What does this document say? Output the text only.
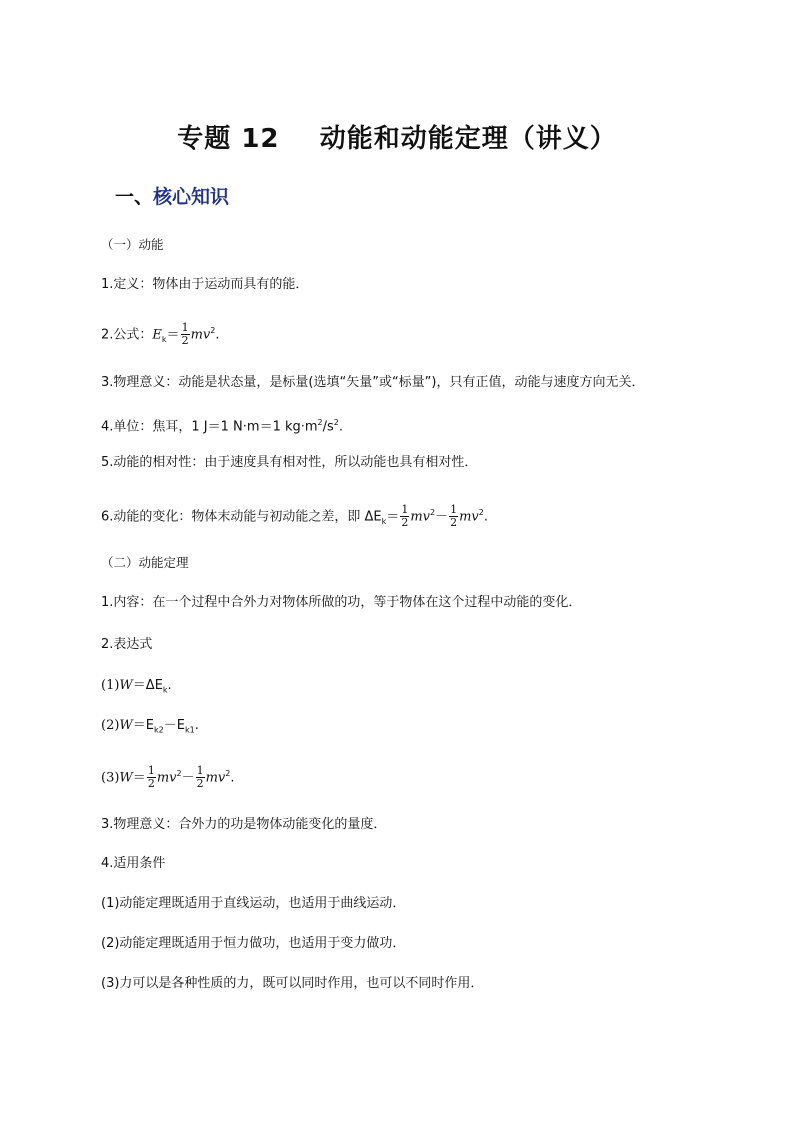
专题 12    动能和动能定理（讲义）
一、核心知识
（一）动能
1.定义：物体由于运动而具有的能．
2.公式：$E_k= \frac{1}{2} mv^2$.
3.物理意义：动能是状态量，是标量(选填“矢量”或“标量”)，只有正值，动能与速度方向无关．
4.单位：焦耳，1 J＝1 N·m＝1 $kg\cdot m^2/s^2$.
5.动能的相对性：由于速度具有相对性，所以动能也具有相对性．
6.动能的变化：物体末动能与初动能之差，即 $\Delta E_k= \frac{1}{2} mv^2- \frac{1}{2} mv^2$.
（二）动能定理
1.内容：在一个过程中合外力对物体所做的功，等于物体在这个过程中动能的变化．
2.表达式
$(1)W=\Delta E_k$.
$(2)W=E_{k2}-E_{k1}$.
$(3)W= \frac{1}{2} mv^2- \frac{1}{2} mv^2$.
3.物理意义：合外力的功是物体动能变化的量度．
4.适用条件
(1)动能定理既适用于直线运动，也适用于曲线运动．
(2)动能定理既适用于恒力做功，也适用于变力做功．
(3)力可以是各种性质的力，既可以同时作用，也可以不同时作用．
